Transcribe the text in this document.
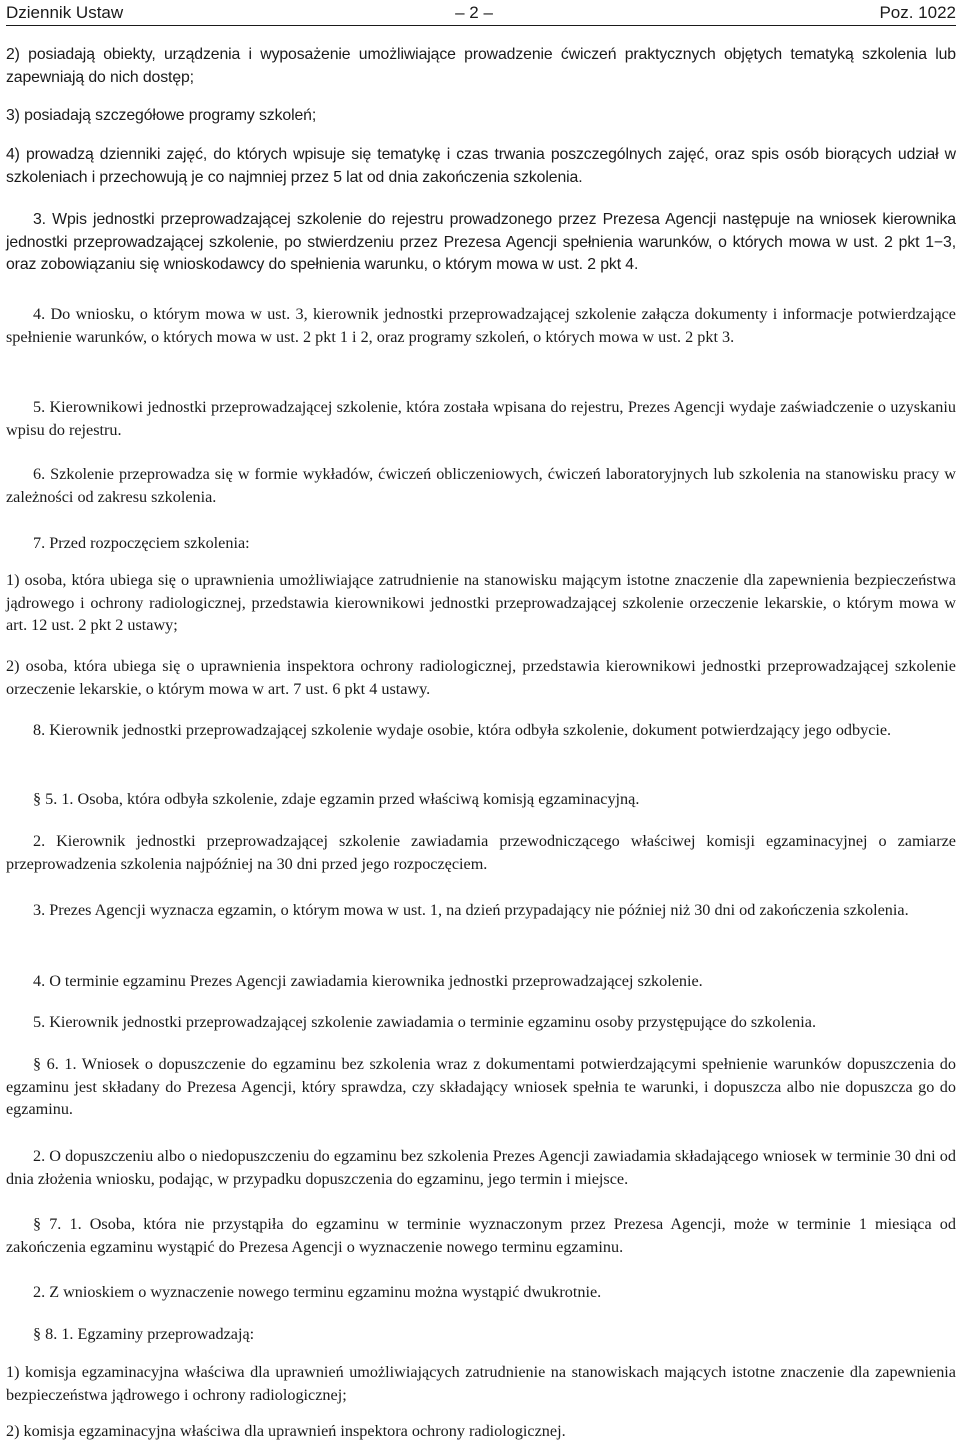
Dziennik Ustaw	– 2 –	Poz. 1022

2) posiadają obiekty, urządzenia i wyposażenie umożliwiające prowadzenie ćwiczeń praktycznych objętych tematyką szkolenia lub zapewniają do nich dostęp;

3) posiadają szczegółowe programy szkoleń;

4) prowadzą dzienniki zajęć, do których wpisuje się tematykę i czas trwania poszczególnych zajęć, oraz spis osób biorących udział w szkoleniach i przechowują je co najmniej przez 5 lat od dnia zakończenia szkolenia.

3. Wpis jednostki przeprowadzającej szkolenie do rejestru prowadzonego przez Prezesa Agencji następuje na wniosek kierownika jednostki przeprowadzającej szkolenie, po stwierdzeniu przez Prezesa Agencji spełnienia warunków, o których mowa w ust. 2 pkt 1−3, oraz zobowiązaniu się wnioskodawcy do spełnienia warunku, o którym mowa w ust. 2 pkt 4.

4. Do wniosku, o którym mowa w ust. 3, kierownik jednostki przeprowadzającej szkolenie załącza dokumenty i informacje potwierdzające spełnienie warunków, o których mowa w ust. 2 pkt 1 i 2, oraz programy szkoleń, o których mowa w ust. 2 pkt 3.

5. Kierownikowi jednostki przeprowadzającej szkolenie, która została wpisana do rejestru, Prezes Agencji wydaje zaświadczenie o uzyskaniu wpisu do rejestru.

6. Szkolenie przeprowadza się w formie wykładów, ćwiczeń obliczeniowych, ćwiczeń laboratoryjnych lub szkolenia na stanowisku pracy w zależności od zakresu szkolenia.

7. Przed rozpoczęciem szkolenia:

1) osoba, która ubiega się o uprawnienia umożliwiające zatrudnienie na stanowisku mającym istotne znaczenie dla zapewnienia bezpieczeństwa jądrowego i ochrony radiologicznej, przedstawia kierownikowi jednostki przeprowadzającej szkolenie orzeczenie lekarskie, o którym mowa w art. 12 ust. 2 pkt 2 ustawy;

2) osoba, która ubiega się o uprawnienia inspektora ochrony radiologicznej, przedstawia kierownikowi jednostki przeprowadzającej szkolenie orzeczenie lekarskie, o którym mowa w art. 7 ust. 6 pkt 4 ustawy.

8. Kierownik jednostki przeprowadzającej szkolenie wydaje osobie, która odbyła szkolenie, dokument potwierdzający jego odbycie.

§ 5. 1. Osoba, która odbyła szkolenie, zdaje egzamin przed właściwą komisją egzaminacyjną.

2. Kierownik jednostki przeprowadzającej szkolenie zawiadamia przewodniczącego właściwej komisji egzaminacyjnej o zamiarze przeprowadzenia szkolenia najpóźniej na 30 dni przed jego rozpoczęciem.

3. Prezes Agencji wyznacza egzamin, o którym mowa w ust. 1, na dzień przypadający nie później niż 30 dni od zakończenia szkolenia.

4. O terminie egzaminu Prezes Agencji zawiadamia kierownika jednostki przeprowadzającej szkolenie.

5. Kierownik jednostki przeprowadzającej szkolenie zawiadamia o terminie egzaminu osoby przystępujące do szkolenia.

§ 6. 1. Wniosek o dopuszczenie do egzaminu bez szkolenia wraz z dokumentami potwierdzającymi spełnienie warunków dopuszczenia do egzaminu jest składany do Prezesa Agencji, który sprawdza, czy składający wniosek spełnia te warunki, i dopuszcza albo nie dopuszcza go do egzaminu.

2. O dopuszczeniu albo o niedopuszczeniu do egzaminu bez szkolenia Prezes Agencji zawiadamia składającego wniosek w terminie 30 dni od dnia złożenia wniosku, podając, w przypadku dopuszczenia do egzaminu, jego termin i miejsce.

§ 7. 1. Osoba, która nie przystąpiła do egzaminu w terminie wyznaczonym przez Prezesa Agencji, może w terminie 1 miesiąca od zakończenia egzaminu wystąpić do Prezesa Agencji o wyznaczenie nowego terminu egzaminu.

2. Z wnioskiem o wyznaczenie nowego terminu egzaminu można wystąpić dwukrotnie.

§ 8. 1. Egzaminy przeprowadzają:

1) komisja egzaminacyjna właściwa dla uprawnień umożliwiających zatrudnienie na stanowiskach mających istotne znaczenie dla zapewnienia bezpieczeństwa jądrowego i ochrony radiologicznej;

2) komisja egzaminacyjna właściwa dla uprawnień inspektora ochrony radiologicznej.
